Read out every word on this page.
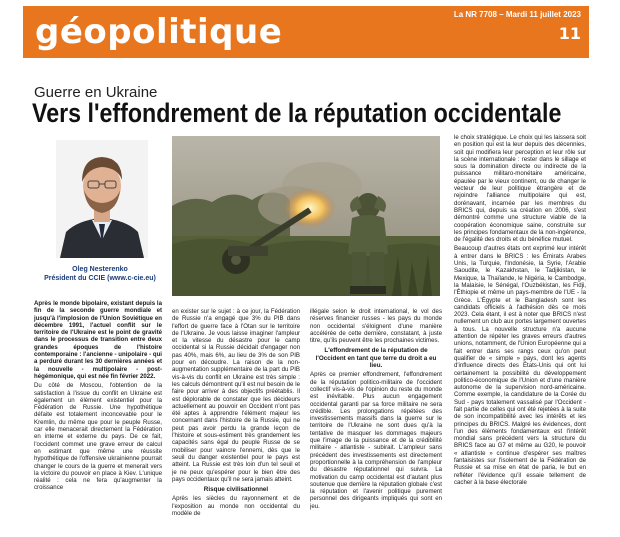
géopolitique	La NR 7708 – Mardi 11 juillet 2023
11
Guerre en Ukraine
Vers l'effondrement de la réputation occidentale
Oleg Nesterenko
Président du CCIE (www.c-cie.eu)

Après le monde bipolaire, existant depuis la fin de la seconde guerre mondiale et jusqu'à l'implosion de l'Union Soviétique en décembre 1991, l'actuel conflit sur le territoire de l'Ukraine est le point de gravité dans le processus de transition entre deux grandes époques de l'histoire contemporaine : l'ancienne - unipolaire - qui a perduré durant les 30 dernières années et la nouvelle - multipolaire - post-hégémonique, qui est née fin février 2022.

Du côté de Moscou, l'obtention de la satisfaction à l'issue du conflit en Ukraine est également un élément existentiel pour la Fédération de Russie. Une hypothétique défaite est totalement inconcevable pour le Kremlin, du même que pour le peuple Russe, car elle menacerait directement la Fédération en interne et externe du pays. De ce fait, l'occident commet une grave erreur de calcul en estimant que même une réussite hypothétique de l'offensive ukrainienne pourrait changer le cours de la guerre et menerait vers la victoire du pouvoir en place à Kiev. L'unique réalité : cela ne fera qu'augmenter la croissance

en exister sur le sujet : à ce jour, la Fédération de Russie n'a engagé que 3% du PIB dans l'effort de guerre face à l'Otan sur le territoire de l'Ukraine. Je vous laisse imaginer l'ampleur et la vitesse du désastre pour le camp occidental si la Russie décidait d'engager non pas 40%, mais 6%, au lieu de 3% de son PIB pour en découdre. La raison de la non-augmentation supplémentaire de la part du PIB vis-à-vis du conflit en Ukraine est très simple : les calculs démontrent qu'il est nul besoin de le faire pour arriver à des objectifs préétablis. Il est déplorable de constater que les décideurs actuellement au pouvoir en Occident n'ont pas été aptes à apprendre l'élément majeur les concernant dans l'histoire de la Russie, qui ne peut pas avoir perdu la grande leçon de l'histoire et sous-estiment très grandement les capacités sans égal du peuple Russe de se mobiliser pour vaincre l'ennemi, dès que le seuil du danger existentiel pour le pays est atteint. La Russie est très loin d'un tel seuil et je ne peux qu'espérer pour le bien être des pays occidentaux qu'il ne sera jamais atteint.

Risque civilisationnel

Après les siècles du rayonnement et de l'exposition au monde non occidental du modèle de

illégale selon le droit international, le vol des réserves financier russes - les pays du monde non occidental s'éloignent d'une manière accélérée de cette dernière, constatant, à juste titre, qu'ils peuvent être les prochaines victimes.

L'effondrement de la réputation de l'Occident en tant que terre du droit a eu lieu.

Après ce premier effondrement, l'effondrement de la réputation politico-militaire de l'occident collectif vis-à-vis de l'opinion du reste du monde est inévitable. Plus aucun engagement occidental garanti par sa force militaire ne sera crédible. Les prolongations répétées des investissements massifs dans la guerre sur le territoire de l'Ukraine ne sont dues qu'à la tentative de masquer les dommages majeurs que l'image de la puissance et de la crédibilité militaire - atlantiste - subirait. L'ampleur sans précédent des investissements est directement proportionnelle à la compréhension de l'ampleur du désastre réputationnel qui suivra. La motivation du camp occidental est d'autant plus soutenue que derrière la réputation globale c'est la réputation et l'avenir politique purement personnel des dirigeants impliqués qui sont en jeu.

le choix stratégique. Le choix qui les laissera soit en position qui est la leur depuis des décennies, soit qui modifiera leur perception et leur rôle sur la scène internationale : rester dans le sillage et sous la domination directe ou indirecte de la puissance militaro-monétaire américaine, épaulée par le vieux continent, ou de changer le vecteur de leur politique étrangère et de rejoindre l'alliance multipolaire qui est, dorénavant, incarnée par les membres du BRICS qui, depuis sa création en 2006, s'est démontré comme une structure viable de la coopération économique saine, construite sur les principes fondamentaux de la non-ingérence, de l'égalité des droits et du bénéfice mutuel.

Beaucoup d'autres états ont exprimé leur intérêt à entrer dans le BRICS : les Émirats Arabes Unis, la Turquie, l'Indonésie, la Syrie, l'Arabie Saoudite, le Kazakhstan, le Tadjikistan, le Mexique, la Thaïlande, le Nigéria, le Cambodge, la Malaisie, le Sénégal, l'Ouzbékistan, les Fidji, l'Éthiopie et même un pays-membre de l'UE - la Grèce. L'Égypte et le Bangladesh sont les candidats officiels à l'adhésion dès ce mois 2023. Cela étant, il est à noter que BRICS n'est nullement un club aux portes largement ouvertes à tous. La nouvelle structure n'a aucune attention de répéter les graves erreurs d'autres unions, notamment, de l'Union Européenne qui a fait entrer dans ses rangs ceux qu'on peut qualifier de « simple » pays, dont les agents d'influence directs des États-Unis qui ont lui certainement la possibilité du développement politico-économique de l'Union et d'une manière autonome de la supervision nord-américaine. Comme exemple, la candidature de la Corée du Sud - pays totalement vassalisé par l'Occident - fait partie de celles qui ont été rejetées à la suite de son incompatibilité avec les intérêts et les principes du BRICS. Malgré les évidences, dont l'un des éléments fondamentaux est l'intérêt mondial sans précédent vers la structure du BRICS face au G7 et même au G20, le pouvoir « atlantiste » continue d'espérer ses maîtres fantaisistes sur l'isolement de la Fédération de Russie et sa mise en état de paria, le but en refléter l'évidence qu'il essaie tellement de cacher à la base électorale
